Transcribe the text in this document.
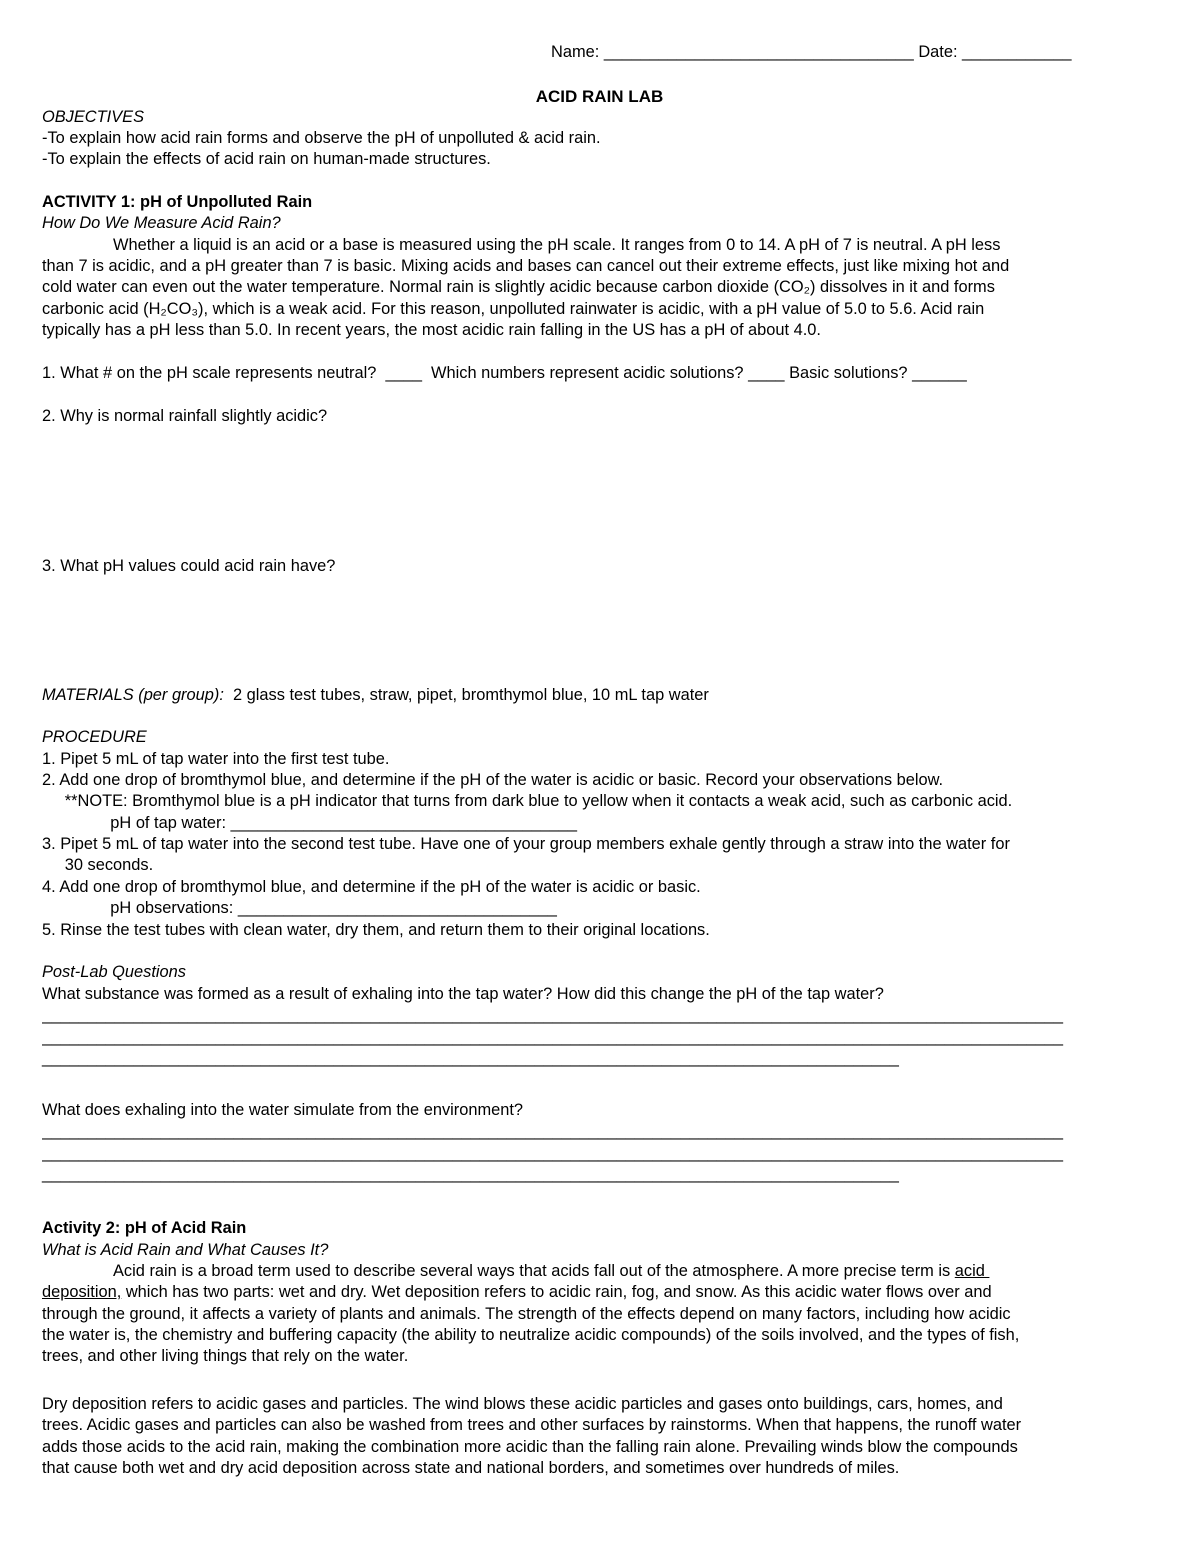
Name: __________________________________ Date: ____________
ACID RAIN LAB
OBJECTIVES
-To explain how acid rain forms and observe the pH of unpolluted & acid rain.
-To explain the effects of acid rain on human-made structures.
ACTIVITY 1: pH of Unpolluted Rain
How Do We Measure Acid Rain?
Whether a liquid is an acid or a base is measured using the pH scale. It ranges from 0 to 14. A pH of 7 is neutral. A pH less
than 7 is acidic, and a pH greater than 7 is basic. Mixing acids and bases can cancel out their extreme effects, just like mixing hot and
cold water can even out the water temperature. Normal rain is slightly acidic because carbon dioxide (CO₂) dissolves in it and forms
carbonic acid (H₂CO₃), which is a weak acid. For this reason, unpolluted rainwater is acidic, with a pH value of 5.0 to 5.6. Acid rain
typically has a pH less than 5.0. In recent years, the most acidic rain falling in the US has a pH of about 4.0.
1. What # on the pH scale represents neutral?  ____  Which numbers represent acidic solutions? ____ Basic solutions? ______
2. Why is normal rainfall slightly acidic?
3. What pH values could acid rain have?
MATERIALS (per group):  2 glass test tubes, straw, pipet, bromthymol blue, 10 mL tap water
PROCEDURE
1. Pipet 5 mL of tap water into the first test tube.
2. Add one drop of bromthymol blue, and determine if the pH of the water is acidic or basic. Record your observations below.
**NOTE: Bromthymol blue is a pH indicator that turns from dark blue to yellow when it contacts a weak acid, such as carbonic acid.
pH of tap water: ______________________________________
3. Pipet 5 mL of tap water into the second test tube. Have one of your group members exhale gently through a straw into the water for
30 seconds.
4. Add one drop of bromthymol blue, and determine if the pH of the water is acidic or basic.
pH observations: ___________________________________
5. Rinse the test tubes with clean water, dry them, and return them to their original locations.
Post-Lab Questions
What substance was formed as a result of exhaling into the tap water? How did this change the pH of the tap water?
________________________________________________________________________________________________________________
________________________________________________________________________________________________________________
______________________________________________________________________________________________
What does exhaling into the water simulate from the environment?
________________________________________________________________________________________________________________
________________________________________________________________________________________________________________
______________________________________________________________________________________________
Activity 2: pH of Acid Rain
What is Acid Rain and What Causes It?
Acid rain is a broad term used to describe several ways that acids fall out of the atmosphere. A more precise term is acid
deposition, which has two parts: wet and dry. Wet deposition refers to acidic rain, fog, and snow. As this acidic water flows over and
through the ground, it affects a variety of plants and animals. The strength of the effects depend on many factors, including how acidic
the water is, the chemistry and buffering capacity (the ability to neutralize acidic compounds) of the soils involved, and the types of fish,
trees, and other living things that rely on the water.
Dry deposition refers to acidic gases and particles. The wind blows these acidic particles and gases onto buildings, cars, homes, and
trees. Acidic gases and particles can also be washed from trees and other surfaces by rainstorms. When that happens, the runoff water
adds those acids to the acid rain, making the combination more acidic than the falling rain alone. Prevailing winds blow the compounds
that cause both wet and dry acid deposition across state and national borders, and sometimes over hundreds of miles.
